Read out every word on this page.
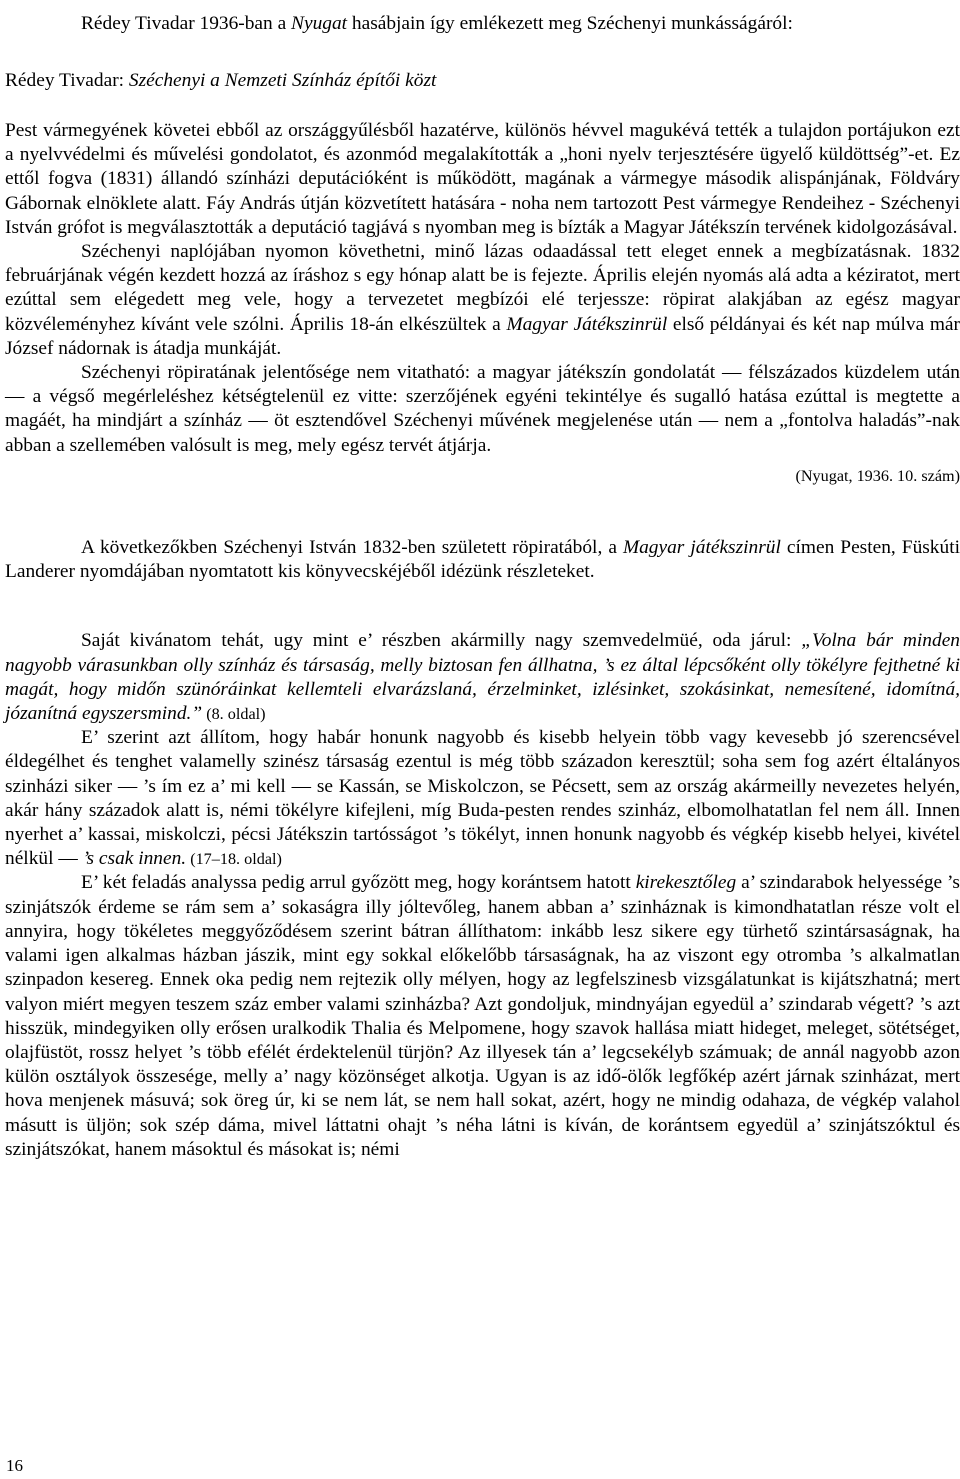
Rédey Tivadar 1936-ban a Nyugat hasábjain így emlékezett meg Széchenyi munkásságáról:

Rédey Tivadar: Széchenyi a Nemzeti Színház építői közt

Pest vármegyének követei ebből az országgyűlésből hazatérve, különös hévvel magukévá tették a tulajdon portájukon ezt a nyelvvédelmi és művelési gondolatot, és azonmód megalakították a „honi nyelv terjesztésére ügyelő küldöttség”-et. Ez ettől fogva (1831) állandó színházi deputációként is működött, magának a vármegye második alispánjának, Földváry Gábornak elnöklete alatt. Fáy András útján közvetített hatására - noha nem tartozott Pest vármegye Rendeihez - Széchenyi István grófot is megválasztották a deputáció tagjává s nyomban meg is bízták a Magyar Játékszín tervének kidolgozásával.

Széchenyi naplójában nyomon követhetni, minő lázas odaadással tett eleget ennek a megbízatásnak. 1832 februárjának végén kezdett hozzá az íráshoz s egy hónap alatt be is fejezte. Április elején nyomás alá adta a kéziratot, mert ezúttal sem elégedett meg vele, hogy a tervezetet megbízói elé terjessze: röpirat alakjában az egész magyar közvéleményhez kívánt vele szólni. Április 18-án elkészültek a Magyar Játékszinrül első példányai és két nap múlva már József nádornak is átadja munkáját.

Széchenyi röpiratának jelentősége nem vitatható: a magyar játékszín gondolatát — félszázados küzdelem után — a végső megérleléshez kétségtelenül ez vitte: szerzőjének egyéni tekintélye és sugalló hatása ezúttal is megtette a magáét, ha mindjárt a színház — öt esztendővel Széchenyi művének megjelenése után — nem a „fontolva haladás”-nak abban a szellemében valósult is meg, mely egész tervét átjárja.

(Nyugat, 1936. 10. szám)

A következőkben Széchenyi István 1832-ben született röpiratából, a Magyar játékszinrül címen Pesten, Füskúti Landerer nyomdájában nyomtatott kis könyvecskéjéből idézünk részleteket.

Saját kivánatom tehát, ugy mint e’ részben akármilly nagy szemvedelmüé, oda járul: „Volna bár minden nagyobb várasunkban olly színház és társaság, melly biztosan fen állhatna, ’s ez által lépcsőként olly tökélyre fejthetné ki magát, hogy midőn szünóráinkat kellemteli elvarázslaná, érzelminket, izlésinket, szokásinkat, nemesítené, idomítná, józanítná egyszersmind.” (8. oldal)

E’ szerint azt állítom, hogy habár honunk nagyobb és kisebb helyein több vagy kevesebb jó szerencsével éldegélhet és tenghet valamelly szinész társaság ezentul is még több századon keresztül; soha sem fog azért éltalányos szinházi siker — ’s ím ez a’ mi kell — se Kassán, se Miskolczon, se Pécsett, sem az ország akármeilly nevezetes helyén, akár hány századok alatt is, némi tökélyre kifejleni, míg Buda-pesten rendes szinház, elbomolhatatlan fel nem áll. Innen nyerhet a’ kassai, miskolczi, pécsi Játékszin tartósságot ’s tökélyt, innen honunk nagyobb és végkép kisebb helyei, kivétel nélkül — ’s csak innen. (17–18. oldal)

E’ két feladás analyssa pedig arrul győzött meg, hogy korántsem hatott kirekesztőleg a’ szindarabok helyessége ’s szinjátszók érdeme se rám sem a’ sokaságra illy jóltevőleg, hanem abban a’ szinháznak is kimondhatatlan része volt el annyira, hogy tökéletes meggyőződésem szerint bátran állíthatom: inkább lesz sikere egy türhető szintársaságnak, ha valami igen alkalmas házban jászik, mint egy sokkal előkelőbb társaságnak, ha az viszont egy otromba ’s alkalmatlan szinpadon kesereg. Ennek oka pedig nem rejtezik olly mélyen, hogy az legfelszinesb vizsgálatunkat is kijátszhatná; mert valyon miért megyen teszem száz ember valami szinházba? Azt gondoljuk, mindnyájan egyedül a’ szindarab végett? ’s azt hisszük, mindegyiken olly erősen uralkodik Thalia és Melpomene, hogy szavok hallása miatt hideget, meleget, sötétséget, olajfüstöt, rossz helyet ’s több efélét érdektelenül türjön? Az illyesek tán a’ legcsekélyb számuak; de annál nagyobb azon külön osztályok összesége, melly a’ nagy közönséget alkotja. Ugyan is az idő-ölők legfőkép azért járnak szinházat, mert hova menjenek másuvá; sok öreg úr, ki se nem lát, se nem hall sokat, azért, hogy ne mindig odahaza, de végkép valahol másutt is üljön; sok szép dáma, mivel láttatni ohajt ’s néha látni is kíván, de korántsem egyedül a’ szinjátszóktul és szinjátszókat, hanem másoktul és másokat is; némi

16
